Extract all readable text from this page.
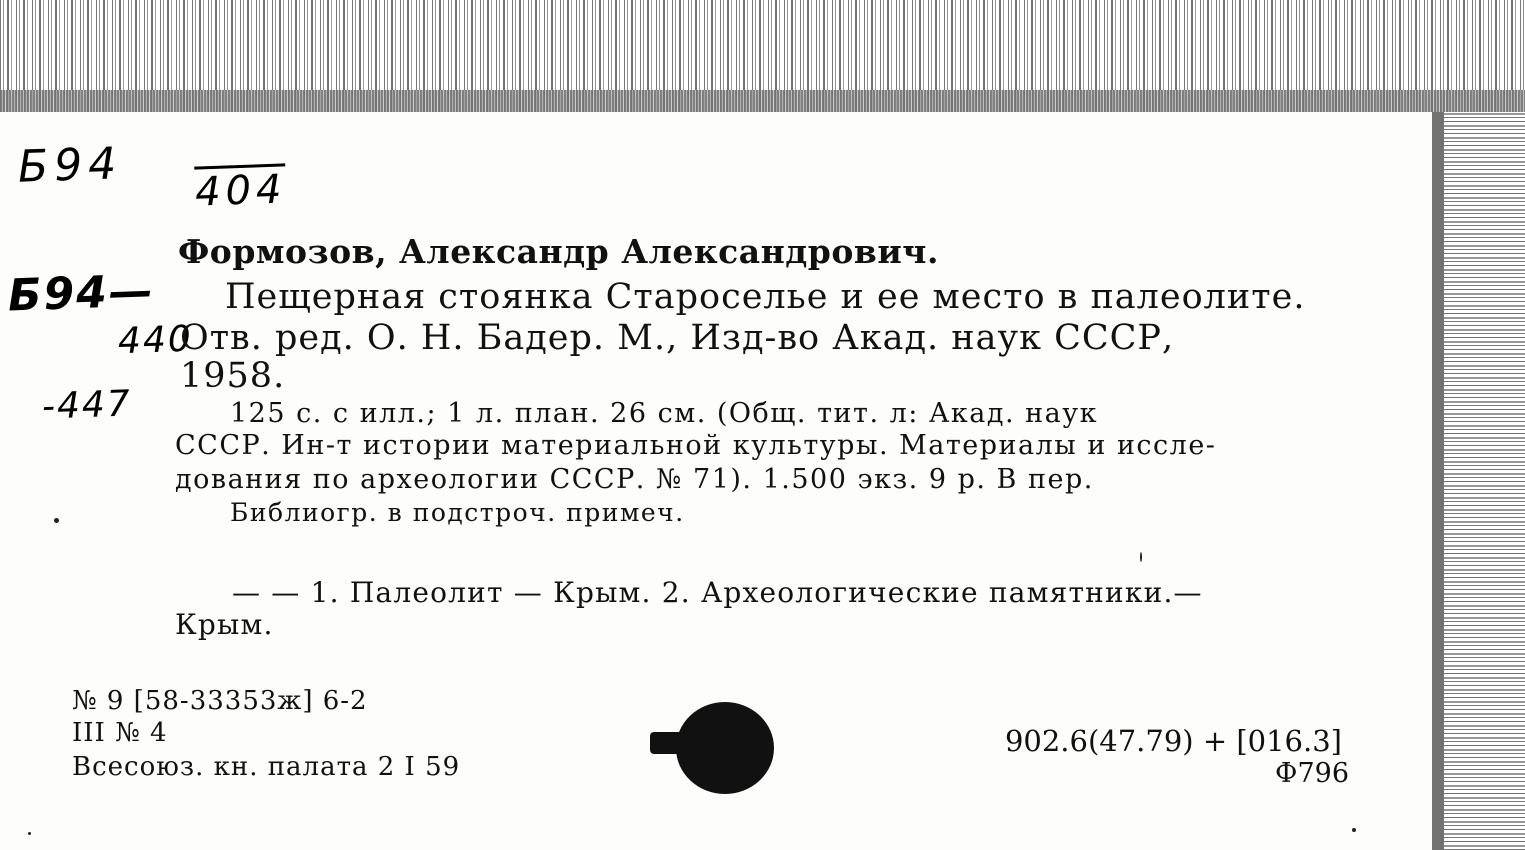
Б94 404
Б94—
440
-447
Формозов, Александр Александрович.
Пещерная стоянка Староселье и ее место в палеолите.
Отв. ред. О. Н. Бадер. М., Изд-во Акад. наук СССР,
1958.
125 с. с илл.; 1 л. план. 26 см. (Общ. тит. л: Акад. наук
СССР. Ин-т истории материальной культуры. Материалы и иссле-
дования по археологии СССР. № 71). 1.500 экз. 9 р. В пер.
Библиогр. в подстроч. примеч.
— — 1. Палеолит — Крым. 2. Археологические памятники.—
Крым.
№ 9 [58-33353ж] 6-2
III № 4
Всесоюз. кн. палата 2 I 59
902.6(47.79) + [016.3]
Ф796
